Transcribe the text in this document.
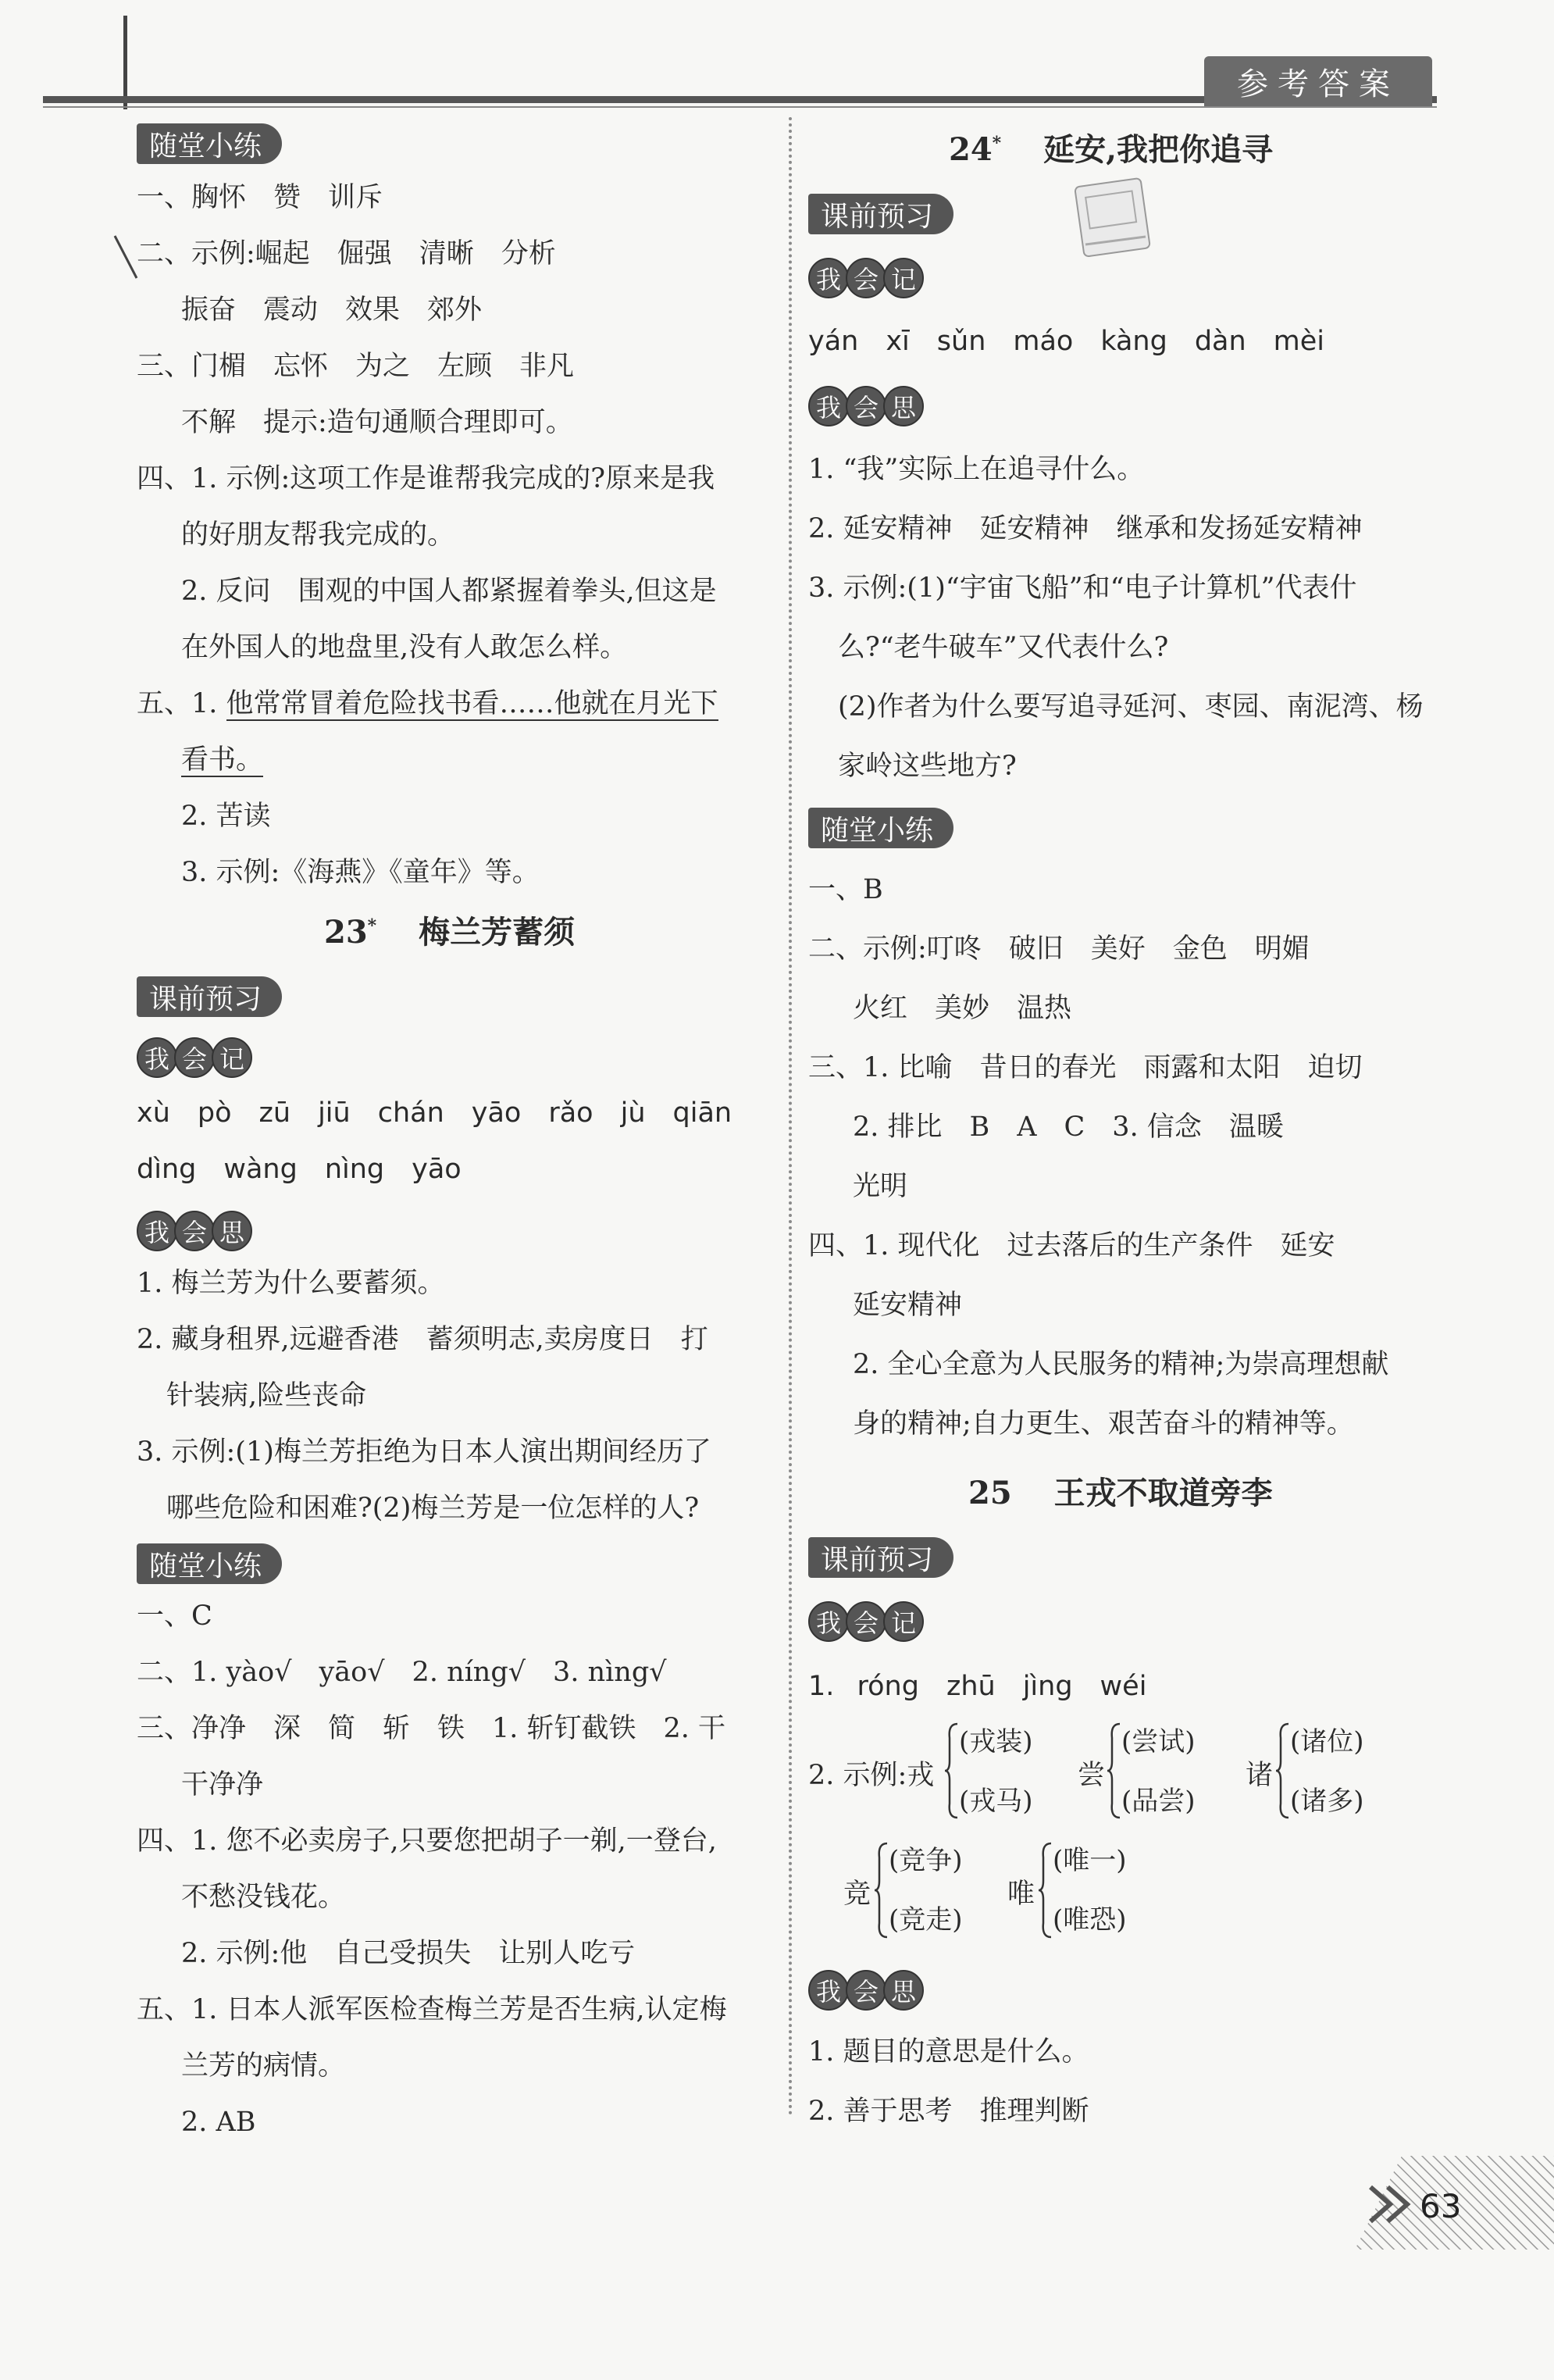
参考答案
随堂小练
一、胸怀　赞　训斥
二、示例:崛起　倔强　清晰　分析
振奋　震动　效果　郊外
三、门楣　忘怀　为之　左顾　非凡
不解　提示:造句通顺合理即可。
四、1. 示例:这项工作是谁帮我完成的?原来是我
的好朋友帮我完成的。
2. 反问　围观的中国人都紧握着拳头,但这是
在外国人的地盘里,没有人敢怎么样。
五、1. 他常常冒着危险找书看……他就在月光下
看书。
2. 苦读
3. 示例:《海燕》《童年》等。
23*　 梅兰芳蓄须
课前预习
我 会 记
xù　pò　zū　jiū　chán　yāo　rǎo　jù　qiān
dìng　wàng　nìng　yāo
我 会 思
1. 梅兰芳为什么要蓄须。
2. 藏身租界,远避香港　蓄须明志,卖房度日　打
针装病,险些丧命
3. 示例:(1)梅兰芳拒绝为日本人演出期间经历了
哪些危险和困难?(2)梅兰芳是一位怎样的人?
随堂小练
一、C
二、1. yào√　yāo√　2. níng√　3. nìng√
三、净净　深　简　斩　铁　1. 斩钉截铁　2. 干
干净净
四、1. 您不必卖房子,只要您把胡子一剃,一登台,
不愁没钱花。
2. 示例:他　自己受损失　让别人吃亏
五、1. 日本人派军医检查梅兰芳是否生病,认定梅
兰芳的病情。
2. AB
24*　 延安,我把你追寻
课前预习
我 会 记
yán　xī　sǔn　máo　kàng　dàn　mèi
我 会 思
1. “我”实际上在追寻什么。
2. 延安精神　延安精神　继承和发扬延安精神
3. 示例:(1)“宇宙飞船”和“电子计算机”代表什
么?“老牛破车”又代表什么?
(2)作者为什么要写追寻延河、枣园、南泥湾、杨
家岭这些地方?
随堂小练
一、B
二、示例:叮咚　破旧　美好　金色　明媚
火红　美妙　温热
三、1. 比喻　昔日的春光　雨露和太阳　迫切
2. 排比　B　A　C　3. 信念　温暖
光明
四、1. 现代化　过去落后的生产条件　延安
延安精神
2. 全心全意为人民服务的精神;为崇高理想献
身的精神;自力更生、艰苦奋斗的精神等。
25　 王戎不取道旁李
课前预习
我 会 记
1. róng　zhū　jìng　wéi
2. 示例:戎
(戎装)
(戎马)
尝
(尝试)
(品尝)
诸
(诸位)
(诸多)
竞
(竞争)
(竞走)
唯
(唯一)
(唯恐)
我 会 思
1. 题目的意思是什么。
2. 善于思考　推理判断
63
